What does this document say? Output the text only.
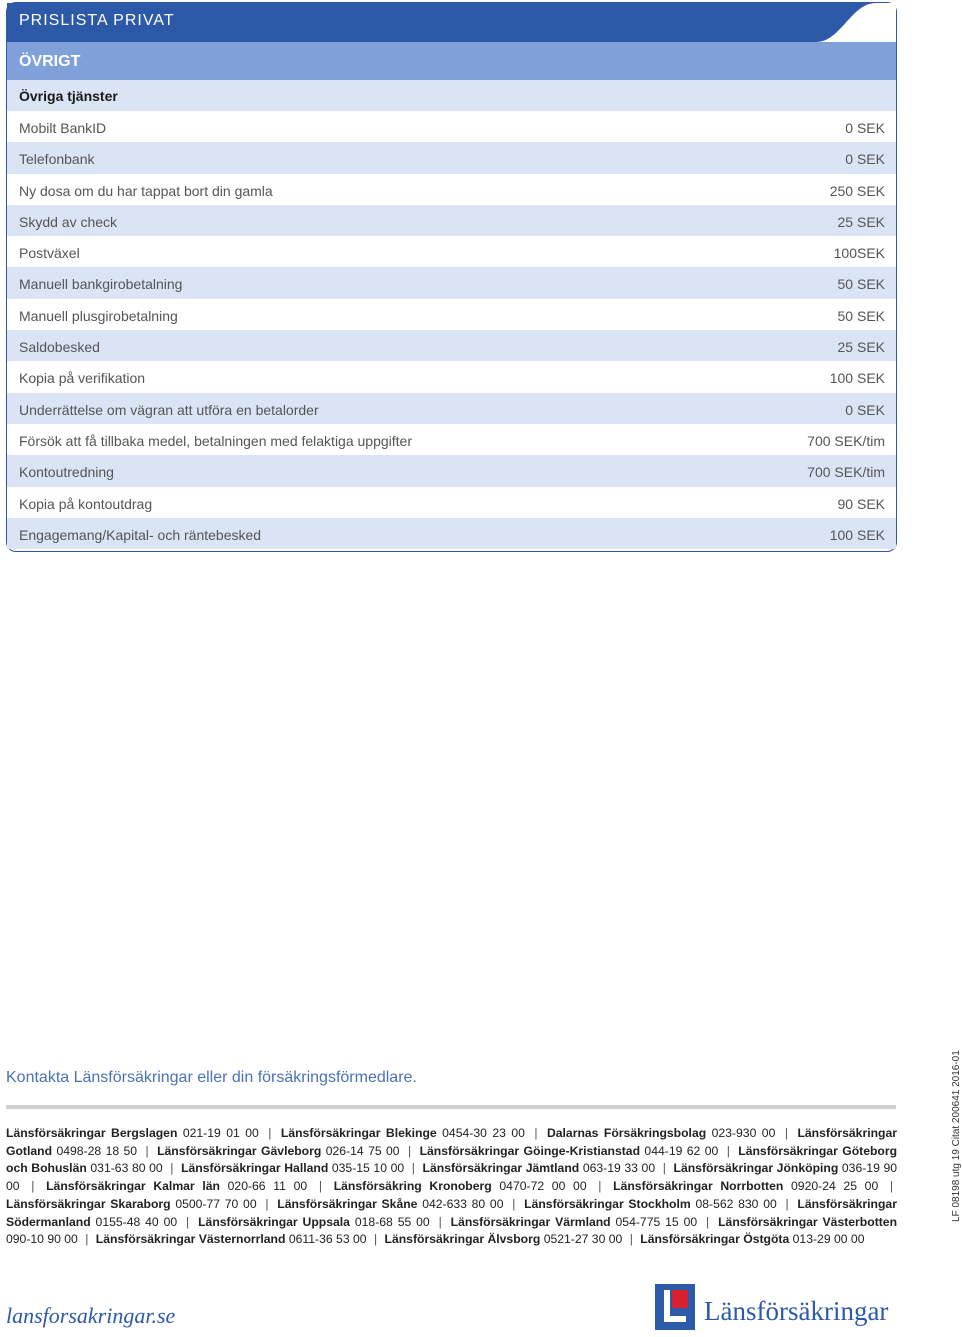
PRISLISTA PRIVAT
ÖVRIGT
Övriga tjänster
Mobilt BankID	0 SEK
Telefonbank	0 SEK
Ny dosa om du har tappat bort din gamla	250 SEK
Skydd av check	25 SEK
Postväxel	100SEK
Manuell bankgirobetalning	50 SEK
Manuell plusgirobetalning	50 SEK
Saldobesked	25 SEK
Kopia på verifikation	100 SEK
Underrättelse om vägran att utföra en betalorder	0 SEK
Försök att få tillbaka medel, betalningen med felaktiga uppgifter	700 SEK/tim
Kontoutredning	700 SEK/tim
Kopia på kontoutdrag	90 SEK
Engagemang/Kapital- och räntebesked	100 SEK
Kontakta Länsförsäkringar eller din försäkringsförmedlare.
Länsförsäkringar Bergslagen 021-19 01 00 | Länsförsäkringar Blekinge 0454-30 23 00 | Dalarnas Försäkringsbolag 023-930 00 | Länsförsäkringar Gotland 0498-28 18 50 | Länsförsäkringar Gävleborg 026-14 75 00 | Länsförsäkringar Göinge-Kristianstad 044-19 62 00 | Länsförsäkringar Göteborg och Bohuslän 031-63 80 00 | Länsförsäkringar Halland 035-15 10 00 | Länsförsäkringar Jämtland 063-19 33 00 | Länsförsäkringar Jönköping 036-19 90 00 | Länsförsäkringar Kalmar län 020-66 11 00 | Länsförsäkring Kronoberg 0470-72 00 00 | Länsförsäkringar Norrbotten 0920-24 25 00 | Länsförsäkringar Skaraborg 0500-77 70 00 | Länsförsäkringar Skåne 042-633 80 00 | Länsförsäkringar Stockholm 08-562 830 00 | Länsförsäkringar Södermanland 0155-48 40 00 | Länsförsäkringar Uppsala 018-68 55 00 | Länsförsäkringar Värmland 054-775 15 00 | Länsförsäkringar Västerbotten 090-10 90 00 | Länsförsäkringar Västernorrland 0611-36 53 00 | Länsförsäkringar Älvsborg 0521-27 30 00 | Länsförsäkringar Östgöta 013-29 00 00
LF 08198 utg 19 Citat 200641 2016-01
lansforsakringar.se	Länsförsäkringar
